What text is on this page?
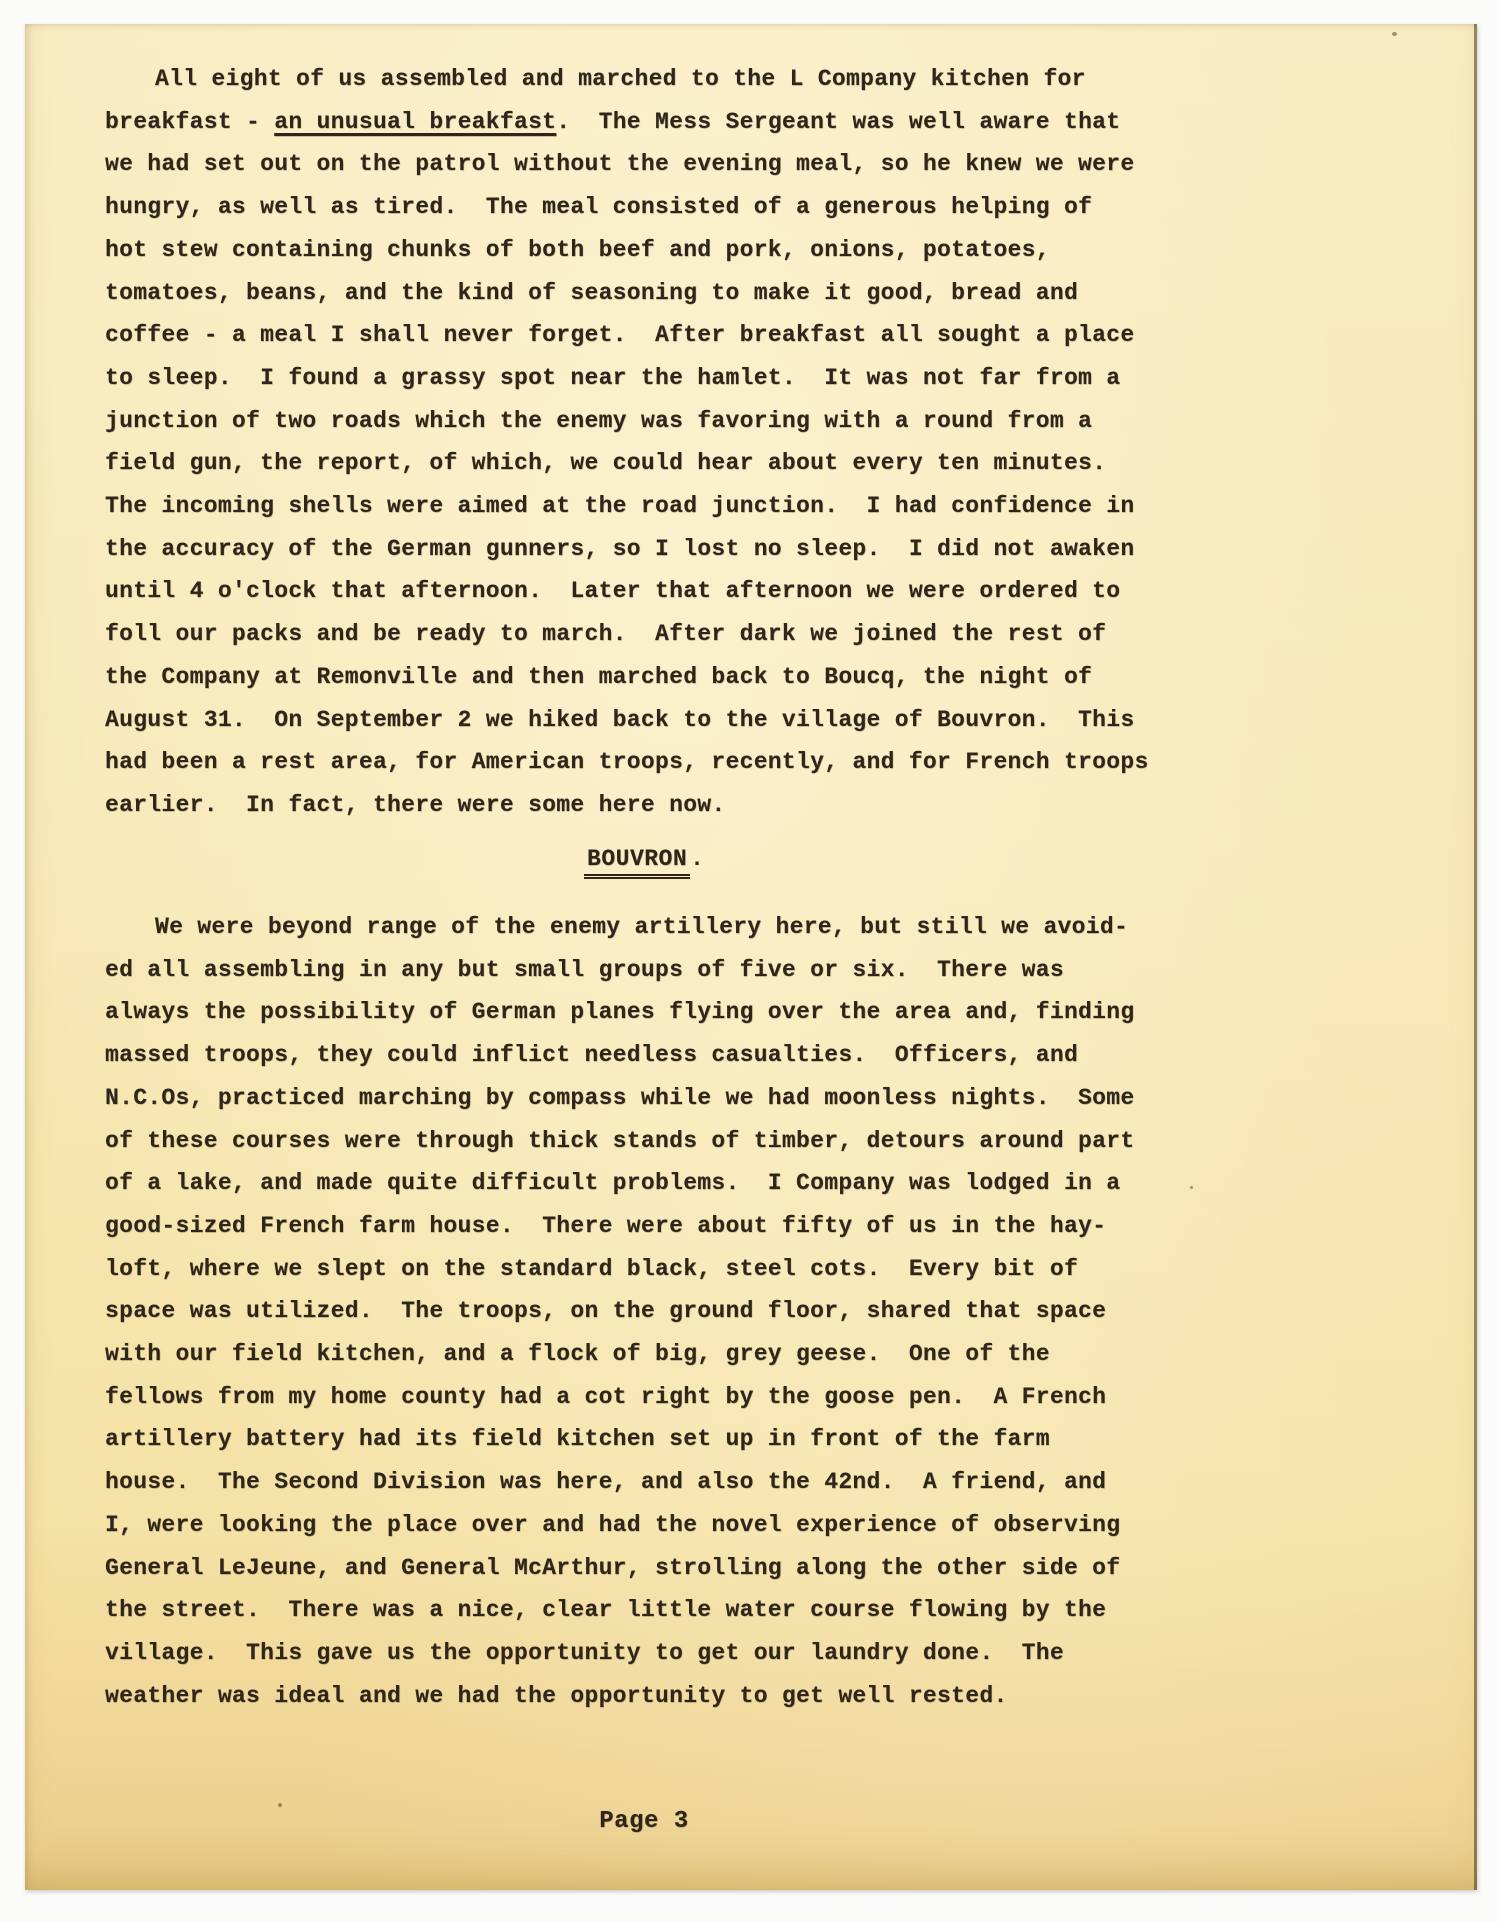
All eight of us assembled and marched to the L Company kitchen for
breakfast - an unusual breakfast.  The Mess Sergeant was well aware that
we had set out on the patrol without the evening meal, so he knew we were
hungry, as well as tired.  The meal consisted of a generous helping of
hot stew containing chunks of both beef and pork, onions, potatoes,
tomatoes, beans, and the kind of seasoning to make it good, bread and
coffee - a meal I shall never forget.  After breakfast all sought a place
to sleep.  I found a grassy spot near the hamlet.  It was not far from a
junction of two roads which the enemy was favoring with a round from a
field gun, the report, of which, we could hear about every ten minutes.
The incoming shells were aimed at the road junction.  I had confidence in
the accuracy of the German gunners, so I lost no sleep.  I did not awaken
until 4 o'clock that afternoon.  Later that afternoon we were ordered to
foll our packs and be ready to march.  After dark we joined the rest of
the Company at Remonville and then marched back to Boucq, the night of
August 31.  On September 2 we hiked back to the village of Bouvron.  This
had been a rest area, for American troops, recently, and for French troops
earlier.  In fact, there were some here now.
BOUVRON .
We were beyond range of the enemy artillery here, but still we avoid-
ed all assembling in any but small groups of five or six.  There was
always the possibility of German planes flying over the area and, finding
massed troops, they could inflict needless casualties.  Officers, and
N.C.Os, practiced marching by compass while we had moonless nights.  Some
of these courses were through thick stands of timber, detours around part
of a lake, and made quite difficult problems.  I Company was lodged in a
good-sized French farm house.  There were about fifty of us in the hay-
loft, where we slept on the standard black, steel cots.  Every bit of
space was utilized.  The troops, on the ground floor, shared that space
with our field kitchen, and a flock of big, grey geese.  One of the
fellows from my home county had a cot right by the goose pen.  A French
artillery battery had its field kitchen set up in front of the farm
house.  The Second Division was here, and also the 42nd.  A friend, and
I, were looking the place over and had the novel experience of observing
General LeJeune, and General McArthur, strolling along the other side of
the street.  There was a nice, clear little water course flowing by the
village.  This gave us the opportunity to get our laundry done.  The
weather was ideal and we had the opportunity to get well rested.
Page 3
